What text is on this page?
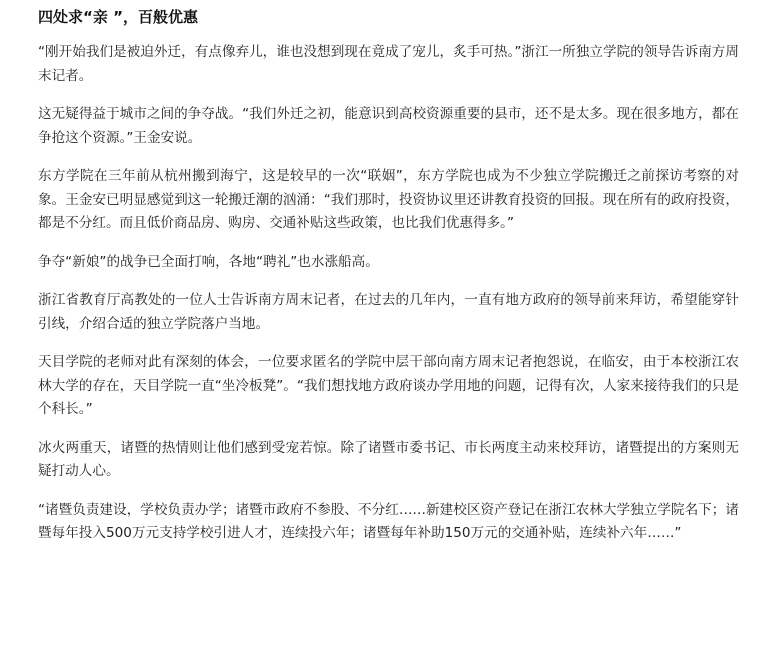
四处求“亲 ”，百般优惠

“刚开始我们是被迫外迁，有点像弃儿，谁也没想到现在竟成了宠儿，炙手可热。”浙江一所独立学院的领导告诉南方周末记者。

这无疑得益于城市之间的争夺战。“我们外迁之初，能意识到高校资源重要的县市，还不是太多。现在很多地方，都在争抢这个资源。”王金安说。

东方学院在三年前从杭州搬到海宁，这是较早的一次“联姻”，东方学院也成为不少独立学院搬迁之前探访考察的对象。王金安已明显感觉到这一轮搬迁潮的汹涌：“我们那时，投资协议里还讲教育投资的回报。现在所有的政府投资，都是不分红。而且低价商品房、购房、交通补贴这些政策，也比我们优惠得多。”

争夺“新娘”的战争已全面打响，各地“聘礼”也水涨船高。

浙江省教育厅高教处的一位人士告诉南方周末记者，在过去的几年内，一直有地方政府的领导前来拜访，希望能穿针引线，介绍合适的独立学院落户当地。

天目学院的老师对此有深刻的体会，一位要求匿名的学院中层干部向南方周末记者抱怨说，在临安，由于本校浙江农林大学的存在，天目学院一直“坐冷板凳”。“我们想找地方政府谈办学用地的问题，记得有次，人家来接待我们的只是个科长。”

冰火两重天，诸暨的热情则让他们感到受宠若惊。除了诸暨市委书记、市长两度主动来校拜访，诸暨提出的方案则无疑打动人心。

“诸暨负责建设，学校负责办学；诸暨市政府不参股、不分红……新建校区资产登记在浙江农林大学独立学院名下；诸暨每年投入500万元支持学校引进人才，连续投六年；诸暨每年补助150万元的交通补贴，连续补六年……”
